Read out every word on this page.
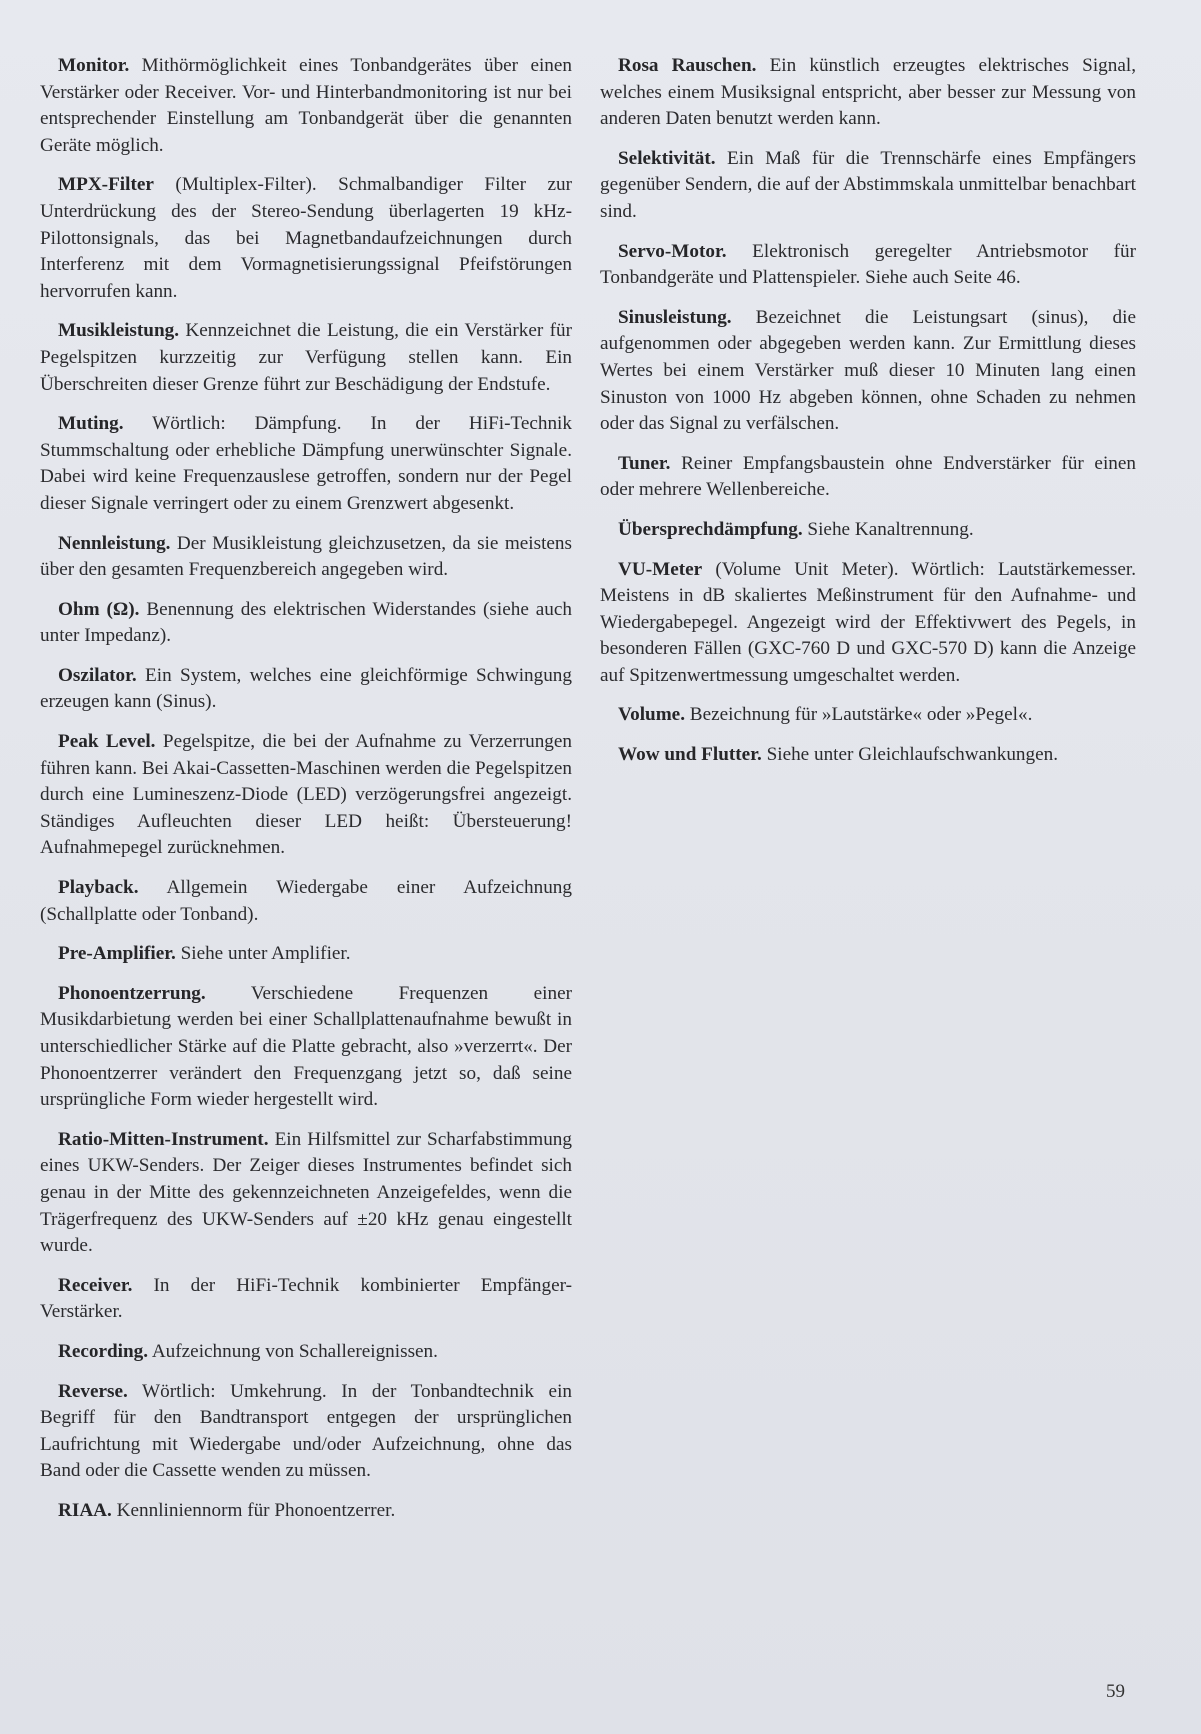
Monitor. Mithörmöglichkeit eines Tonbandgerätes über einen Verstärker oder Receiver. Vor- und Hinterbandmonitoring ist nur bei entsprechender Einstellung am Tonbandgerät über die genannten Geräte möglich.

MPX-Filter (Multiplex-Filter). Schmalbandiger Filter zur Unterdrückung des der Stereo-Sendung überlagerten 19 kHz-Pilottonsignals, das bei Magnetbandaufzeichnungen durch Interferenz mit dem Vormagnetisierungssignal Pfeifstörungen hervorrufen kann.

Musikleistung. Kennzeichnet die Leistung, die ein Verstärker für Pegelspitzen kurzzeitig zur Verfügung stellen kann. Ein Überschreiten dieser Grenze führt zur Beschädigung der Endstufe.

Muting. Wörtlich: Dämpfung. In der HiFi-Technik Stummschaltung oder erhebliche Dämpfung unerwünschter Signale. Dabei wird keine Frequenzauslese getroffen, sondern nur der Pegel dieser Signale verringert oder zu einem Grenzwert abgesenkt.

Nennleistung. Der Musikleistung gleichzusetzen, da sie meistens über den gesamten Frequenzbereich angegeben wird.

Ohm (Ω). Benennung des elektrischen Widerstandes (siehe auch unter Impedanz).

Oszilator. Ein System, welches eine gleichförmige Schwingung erzeugen kann (Sinus).

Peak Level. Pegelspitze, die bei der Aufnahme zu Verzerrungen führen kann. Bei Akai-Cassetten-Maschinen werden die Pegelspitzen durch eine Lumineszenz-Diode (LED) verzögerungsfrei angezeigt. Ständiges Aufleuchten dieser LED heißt: Übersteuerung! Aufnahmepegel zurücknehmen.

Playback. Allgemein Wiedergabe einer Aufzeichnung (Schallplatte oder Tonband).

Pre-Amplifier. Siehe unter Amplifier.

Phonoentzerrung. Verschiedene Frequenzen einer Musikdarbietung werden bei einer Schallplattenaufnahme bewußt in unterschiedlicher Stärke auf die Platte gebracht, also »verzerrt«. Der Phonoentzerrer verändert den Frequenzgang jetzt so, daß seine ursprüngliche Form wieder hergestellt wird.

Ratio-Mitten-Instrument. Ein Hilfsmittel zur Scharfabstimmung eines UKW-Senders. Der Zeiger dieses Instrumentes befindet sich genau in der Mitte des gekennzeichneten Anzeigefeldes, wenn die Trägerfrequenz des UKW-Senders auf ±20 kHz genau eingestellt wurde.

Receiver. In der HiFi-Technik kombinierter Empfänger-Verstärker.

Recording. Aufzeichnung von Schallereignissen.

Reverse. Wörtlich: Umkehrung. In der Tonbandtechnik ein Begriff für den Bandtransport entgegen der ursprünglichen Laufrichtung mit Wiedergabe und/oder Aufzeichnung, ohne das Band oder die Cassette wenden zu müssen.

RIAA. Kennliniennorm für Phonoentzerrer.

Rosa Rauschen. Ein künstlich erzeugtes elektrisches Signal, welches einem Musiksignal entspricht, aber besser zur Messung von anderen Daten benutzt werden kann.

Selektivität. Ein Maß für die Trennschärfe eines Empfängers gegenüber Sendern, die auf der Abstimmskala unmittelbar benachbart sind.

Servo-Motor. Elektronisch geregelter Antriebsmotor für Tonbandgeräte und Plattenspieler. Siehe auch Seite 46.

Sinusleistung. Bezeichnet die Leistungsart (sinus), die aufgenommen oder abgegeben werden kann. Zur Ermittlung dieses Wertes bei einem Verstärker muß dieser 10 Minuten lang einen Sinuston von 1000 Hz abgeben können, ohne Schaden zu nehmen oder das Signal zu verfälschen.

Tuner. Reiner Empfangsbaustein ohne Endverstärker für einen oder mehrere Wellenbereiche.

Übersprechdämpfung. Siehe Kanaltrennung.

VU-Meter (Volume Unit Meter). Wörtlich: Lautstärkemesser. Meistens in dB skaliertes Meßinstrument für den Aufnahme- und Wiedergabepegel. Angezeigt wird der Effektivwert des Pegels, in besonderen Fällen (GXC-760 D und GXC-570 D) kann die Anzeige auf Spitzenwertmessung umgeschaltet werden.

Volume. Bezeichnung für »Lautstärke« oder »Pegel«.

Wow und Flutter. Siehe unter Gleichlaufschwankungen.

59
